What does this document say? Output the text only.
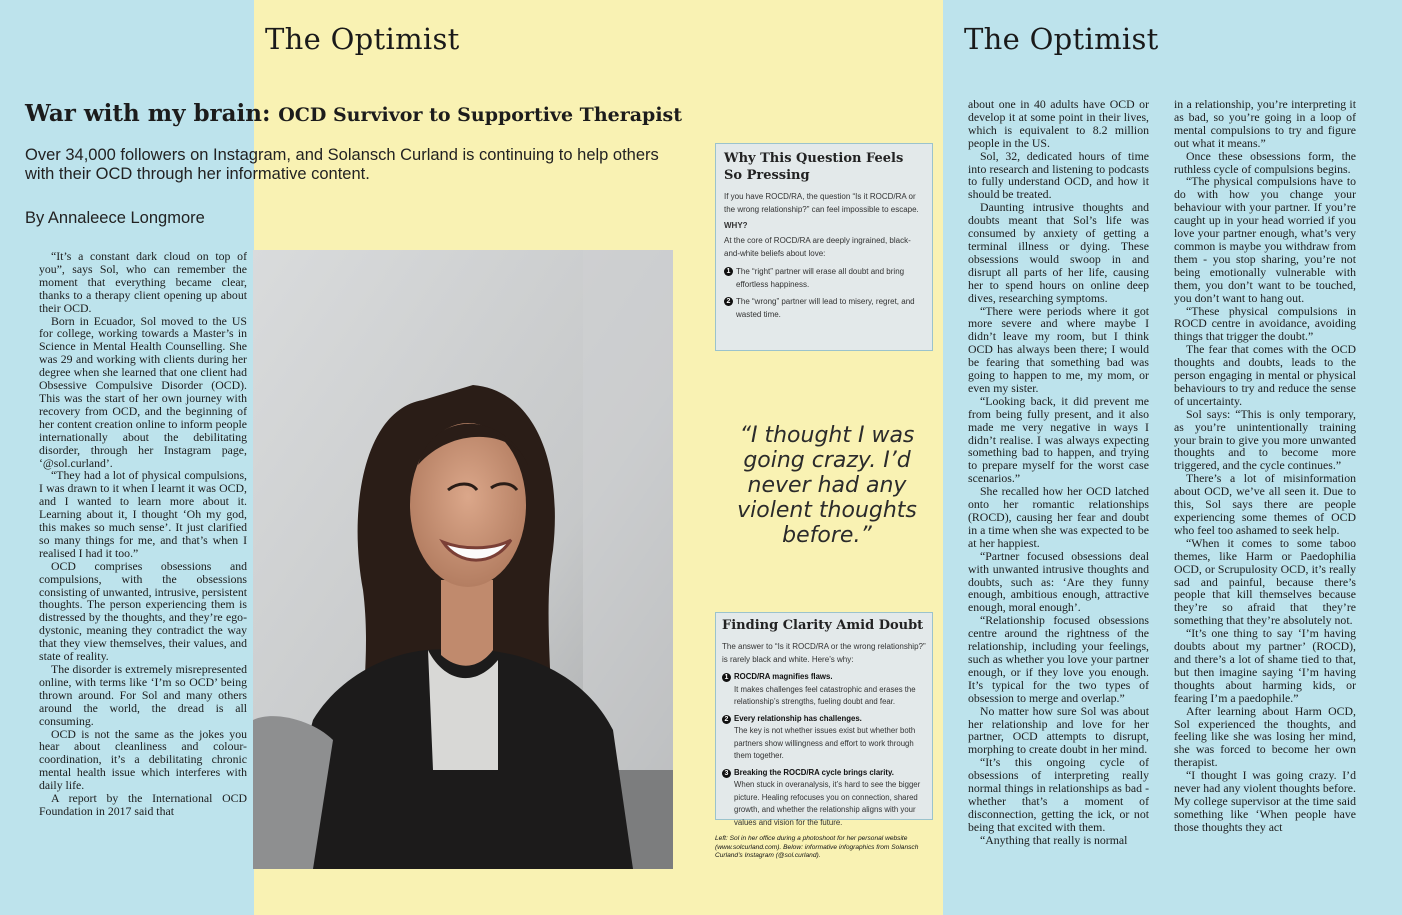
The Optimist	The Optimist
War with my brain: OCD Survivor to Supportive Therapist
Over 34,000 followers on Instagram, and Solansch Curland is continuing to help others with their OCD through her informative content.
By Annaleece Longmore

“It’s a constant dark cloud on top of you”, says Sol, who can remember the moment that everything became clear, thanks to a therapy client opening up about their OCD.

Born in Ecuador, Sol moved to the US for college, working towards a Master’s in Science in Mental Health Counselling. She was 29 and working with clients during her degree when she learned that one client had Obsessive Compulsive Disorder (OCD). This was the start of her own journey with recovery from OCD, and the beginning of her content creation online to inform people internationally about the debilitating disorder, through her Instagram page, ‘@sol.curland’.

“They had a lot of physical compulsions, I was drawn to it when I learnt it was OCD, and I wanted to learn more about it. Learning about it, I thought ‘Oh my god, this makes so much sense’. It just clarified so many things for me, and that’s when I realised I had it too.”

OCD comprises obsessions and compulsions, with the obsessions consisting of unwanted, intrusive, persistent thoughts. The person experiencing them is distressed by the thoughts, and they’re ego-dystonic, meaning they contradict the way that they view themselves, their values, and state of reality.

The disorder is extremely misrepresented online, with terms like ‘I’m so OCD’ being thrown around. For Sol and many others around the world, the dread is all consuming.

OCD is not the same as the jokes you hear about cleanliness and colour-coordination, it’s a debilitating chronic mental health issue which interferes with daily life.

A report by the International OCD Foundation in 2017 said that

Why This Question Feels So Pressing

If you have ROCD/RA, the question “Is it ROCD/RA or the wrong relationship?” can feel impossible to escape.

WHY?

At the core of ROCD/RA are deeply ingrained, black-and-white beliefs about love:

1 The “right” partner will erase all doubt and bring effortless happiness.
2 The “wrong” partner will lead to misery, regret, and wasted time.
“I thought I was going crazy. I’d never had any violent thoughts before.”
Finding Clarity Amid Doubt

The answer to “Is it ROCD/RA or the wrong relationship?” is rarely black and white. Here’s why:

1 ROCD/RA magnifies flaws.
It makes challenges feel catastrophic and erases the relationship’s strengths, fueling doubt and fear.
2 Every relationship has challenges.
The key is not whether issues exist but whether both partners show willingness and effort to work through them together.
3 Breaking the ROCD/RA cycle brings clarity.
When stuck in overanalysis, it’s hard to see the bigger picture. Healing refocuses you on connection, shared growth, and whether the relationship aligns with your values and vision for the future.
Left: Sol in her office during a photoshoot for her personal website (www.solcurland.com). Below: informative infographics from Solansch Curland’s Instagram (@sol.curland).

about one in 40 adults have OCD or develop it at some point in their lives, which is equivalent to 8.2 million people in the US.

Sol, 32, dedicated hours of time into research and listening to podcasts to fully understand OCD, and how it should be treated.

Daunting intrusive thoughts and doubts meant that Sol’s life was consumed by anxiety of getting a terminal illness or dying. These obsessions would swoop in and disrupt all parts of her life, causing her to spend hours on online deep dives, researching symptoms.

“There were periods where it got more severe and where maybe I didn’t leave my room, but I think OCD has always been there; I would be fearing that something bad was going to happen to me, my mom, or even my sister.

“Looking back, it did prevent me from being fully present, and it also made me very negative in ways I didn’t realise. I was always expecting something bad to happen, and trying to prepare myself for the worst case scenarios.”

She recalled how her OCD latched onto her romantic relationships (ROCD), causing her fear and doubt in a time when she was expected to be at her happiest.

“Partner focused obsessions deal with unwanted intrusive thoughts and doubts, such as: ‘Are they funny enough, ambitious enough, attractive enough, moral enough’.

“Relationship focused obsessions centre around the rightness of the relationship, including your feelings, such as whether you love your partner enough, or if they love you enough. It’s typical for the two types of obsession to merge and overlap.”

No matter how sure Sol was about her relationship and love for her partner, OCD attempts to disrupt, morphing to create doubt in her mind.

“It’s this ongoing cycle of obsessions of interpreting really normal things in relationships as bad - whether that’s a moment of disconnection, getting the ick, or not being that excited with them.

“Anything that really is normal

in a relationship, you’re interpreting it as bad, so you’re going in a loop of mental compulsions to try and figure out what it means.”

Once these obsessions form, the ruthless cycle of compulsions begins.

“The physical compulsions have to do with how you change your behaviour with your partner. If you’re caught up in your head worried if you love your partner enough, what’s very common is maybe you withdraw from them - you stop sharing, you’re not being emotionally vulnerable with them, you don’t want to be touched, you don’t want to hang out.

“These physical compulsions in ROCD centre in avoidance, avoiding things that trigger the doubt.”

The fear that comes with the OCD thoughts and doubts, leads to the person engaging in mental or physical behaviours to try and reduce the sense of uncertainty.

Sol says: “This is only temporary, as you’re unintentionally training your brain to give you more unwanted thoughts and to become more triggered, and the cycle continues.”

There’s a lot of misinformation about OCD, we’ve all seen it. Due to this, Sol says there are people experiencing some themes of OCD who feel too ashamed to seek help.

“When it comes to some taboo themes, like Harm or Paedophilia OCD, or Scrupulosity OCD, it’s really sad and painful, because there’s people that kill themselves because they’re so afraid that they’re something that they’re absolutely not.

“It’s one thing to say ‘I’m having doubts about my partner’ (ROCD), and there’s a lot of shame tied to that, but then imagine saying ‘I’m having thoughts about harming kids, or fearing I’m a paedophile.”

After learning about Harm OCD, Sol experienced the thoughts, and feeling like she was losing her mind, she was forced to become her own therapist.

“I thought I was going crazy. I’d never had any violent thoughts before. My college supervisor at the time said something like ‘When people have those thoughts they act
